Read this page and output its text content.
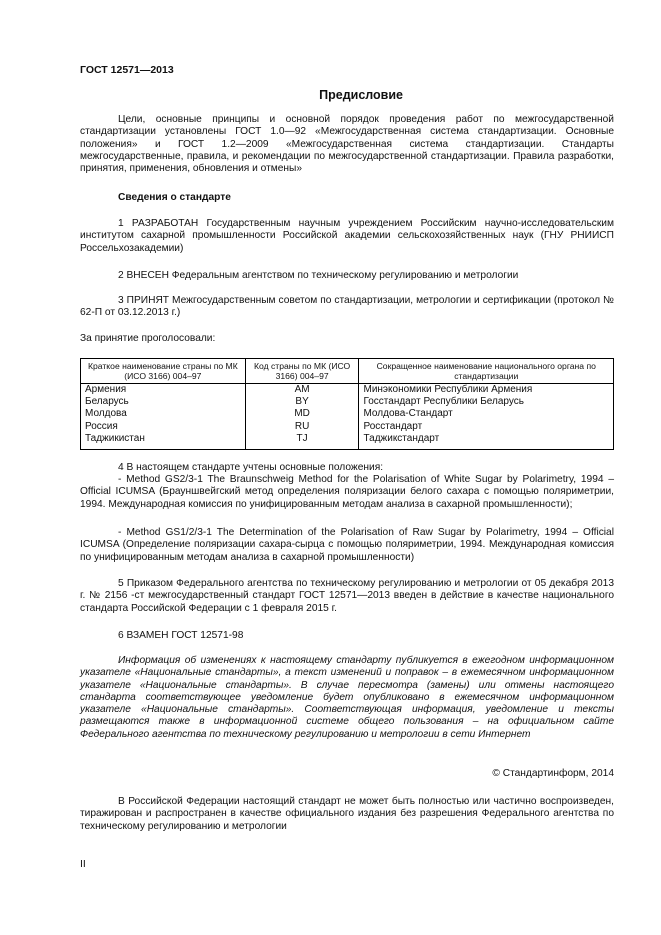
ГОСТ 12571—2013
Предисловие
Цели, основные принципы и основной порядок проведения работ по межгосударственной стандартизации установлены ГОСТ 1.0—92 «Межгосударственная система стандартизации. Основные положения» и ГОСТ 1.2—2009 «Межгосударственная система стандартизации. Стандарты межгосударственные, правила, и рекомендации по межгосударственной стандартизации. Правила разработки, принятия, применения, обновления и отмены»
Сведения о стандарте
1 РАЗРАБОТАН Государственным научным учреждением Российским научно-исследовательским институтом сахарной промышленности Российской академии сельскохозяйственных наук (ГНУ РНИИСП Россельхозакадемии)
2 ВНЕСЕН Федеральным агентством по техническому регулированию и метрологии
3 ПРИНЯТ Межгосударственным советом по стандартизации, метрологии и сертификации (протокол № 62-П от 03.12.2013 г.)
За принятие проголосовали:
Краткое наименование страны по МК (ИСО 3166) 004–97	Код страны по МК (ИСО 3166) 004–97	Сокращенное наименование национального органа по стандартизации
Армения	AM	Минэкономики Республики Армения
Беларусь	BY	Госстандарт Республики Беларусь
Молдова	MD	Молдова-Стандарт
Россия	RU	Росстандарт
Таджикистан	TJ	Таджикстандарт
4 В настоящем стандарте учтены основные положения:
- Method GS2/3-1 The Braunschweig Method for the Polarisation of White Sugar by Polarimetry, 1994 – Official ICUMSA (Брауншвейгский метод определения поляризации белого сахара с помощью поляриметрии, 1994. Международная комиссия по унифицированным методам анализа в сахарной промышленности);
- Method GS1/2/3-1 The Determination of the Polarisation of Raw Sugar by Polarimetry, 1994 – Official ICUMSA (Определение поляризации сахара-сырца с помощью поляриметрии, 1994. Международная комиссия по унифицированным методам анализа в сахарной промышленности)
5 Приказом Федерального агентства по техническому регулированию и метрологии от 05 декабря 2013 г. № 2156 -ст межгосударственный стандарт ГОСТ 12571—2013 введен в действие в качестве национального стандарта Российской Федерации с 1 февраля 2015 г.
6 ВЗАМЕН ГОСТ 12571-98
Информация об изменениях к настоящему стандарту публикуется в ежегодном информационном указателе «Национальные стандарты», а текст изменений и поправок – в ежемесячном информационном указателе «Национальные стандарты». В случае пересмотра (замены) или отмены настоящего стандарта соответствующее уведомление будет опубликовано в ежемесячном информационном указателе «Национальные стандарты». Соответствующая информация, уведомление и тексты размещаются также в информационной системе общего пользования – на официальном сайте Федерального агентства по техническому регулированию и метрологии в сети Интернет
© Стандартинформ, 2014
В Российской Федерации настоящий стандарт не может быть полностью или частично воспроизведен, тиражирован и распространен в качестве официального издания без разрешения Федерального агентства по техническому регулированию и метрологии
II
